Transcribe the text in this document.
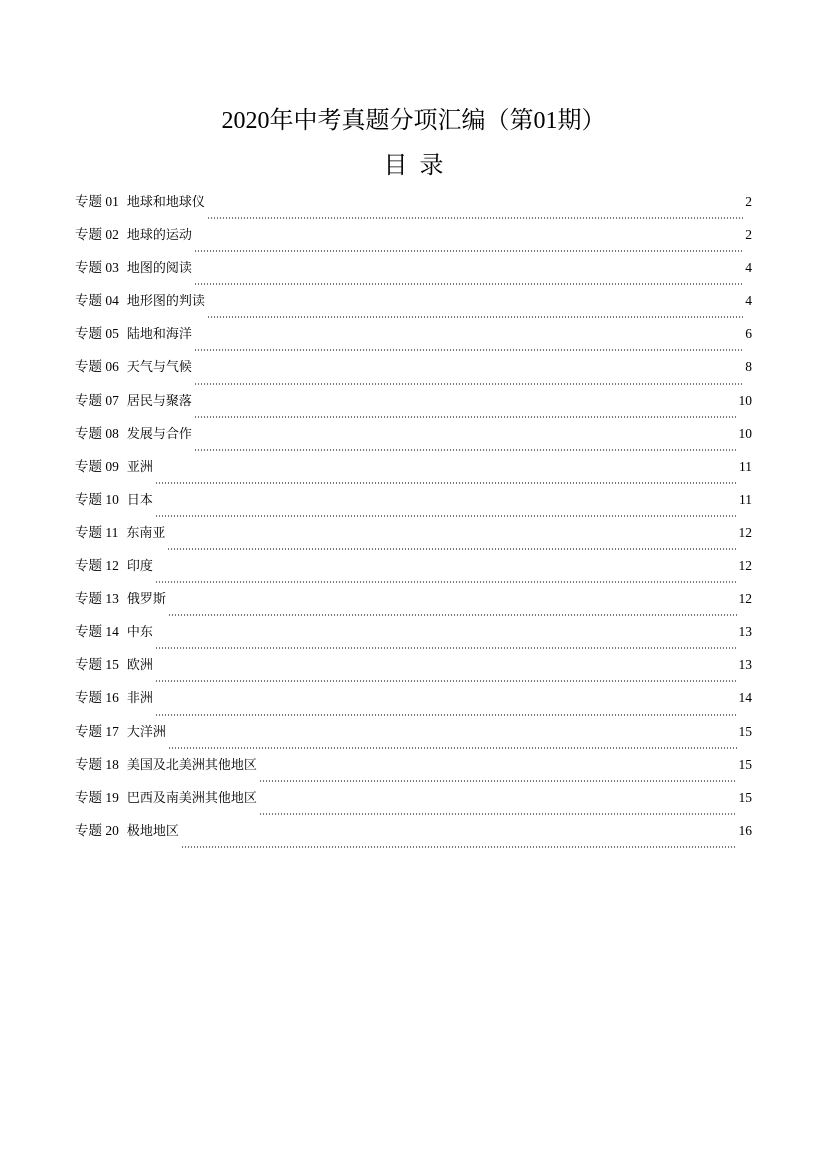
2020年中考真题分项汇编（第01期）
目录
专题 01 地球和地球仪	2
专题 02 地球的运动	2
专题 03 地图的阅读	4
专题 04 地形图的判读	4
专题 05 陆地和海洋	6
专题 06 天气与气候	8
专题 07 居民与聚落	10
专题 08 发展与合作	10
专题 09 亚洲	11
专题 10 日本	11
专题 11 东南亚	12
专题 12 印度	12
专题 13 俄罗斯	12
专题 14 中东	13
专题 15 欧洲	13
专题 16 非洲	14
专题 17 大洋洲	15
专题 18 美国及北美洲其他地区	15
专题 19 巴西及南美洲其他地区	15
专题 20 极地地区	16
